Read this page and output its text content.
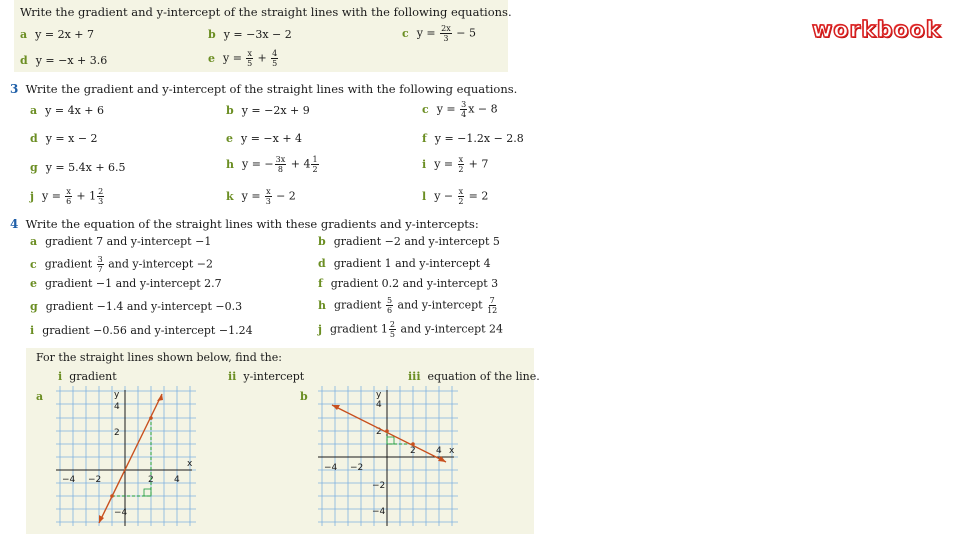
workbook
Write the gradient and y-intercept of the straight lines with the following equations.
a y = 2x + 7	b y = −3x − 2	c $y = \frac{2x}{3} - 5$
d y = −x + 3.6	e $y = \frac{x}{5} + \frac{4}{5}$
3 Write the gradient and y-intercept of the straight lines with the following equations.
a y = 4x + 6	b y = −2x + 9	c $y = \frac{3}{4}$ x − 8
d y = x − 2	e y = −x + 4	f y = −1.2x − 2.8
g y = 5.4x + 6.5	h y = − $\frac{3x}{8} + 4 \frac{1}{2}$	i $y = \frac{x}{2} + 7$
j $y = \frac{x}{6} + 1 \frac{2}{3}$	k $y = \frac{x}{3} - 2$	l $y - \frac{x}{2} = 2$
4 Write the equation of the straight lines with these gradients and y-intercepts:
a gradient 7 and y-intercept −1	b gradient −2 and y-intercept 5
c gradient $\frac{3}{7}$ and y-intercept −2	d gradient 1 and y-intercept 4
e gradient −1 and y-intercept 2.7	f gradient 0.2 and y-intercept 3
g gradient −1.4 and y-intercept −0.3	h gradient $\frac{5}{6}$ and y-intercept $\frac{7}{12}$
i gradient −0.56 and y-intercept −1.24	j gradient $1 \frac{2}{5}$ and y-intercept 24
For the straight lines shown below, find the:
i gradient	ii y-intercept	iii equation of the line.
a	b
y
x
−4 −2	2 4
4
2
−4
y
x
−4 −2
2 4
4
2
−2
−4
